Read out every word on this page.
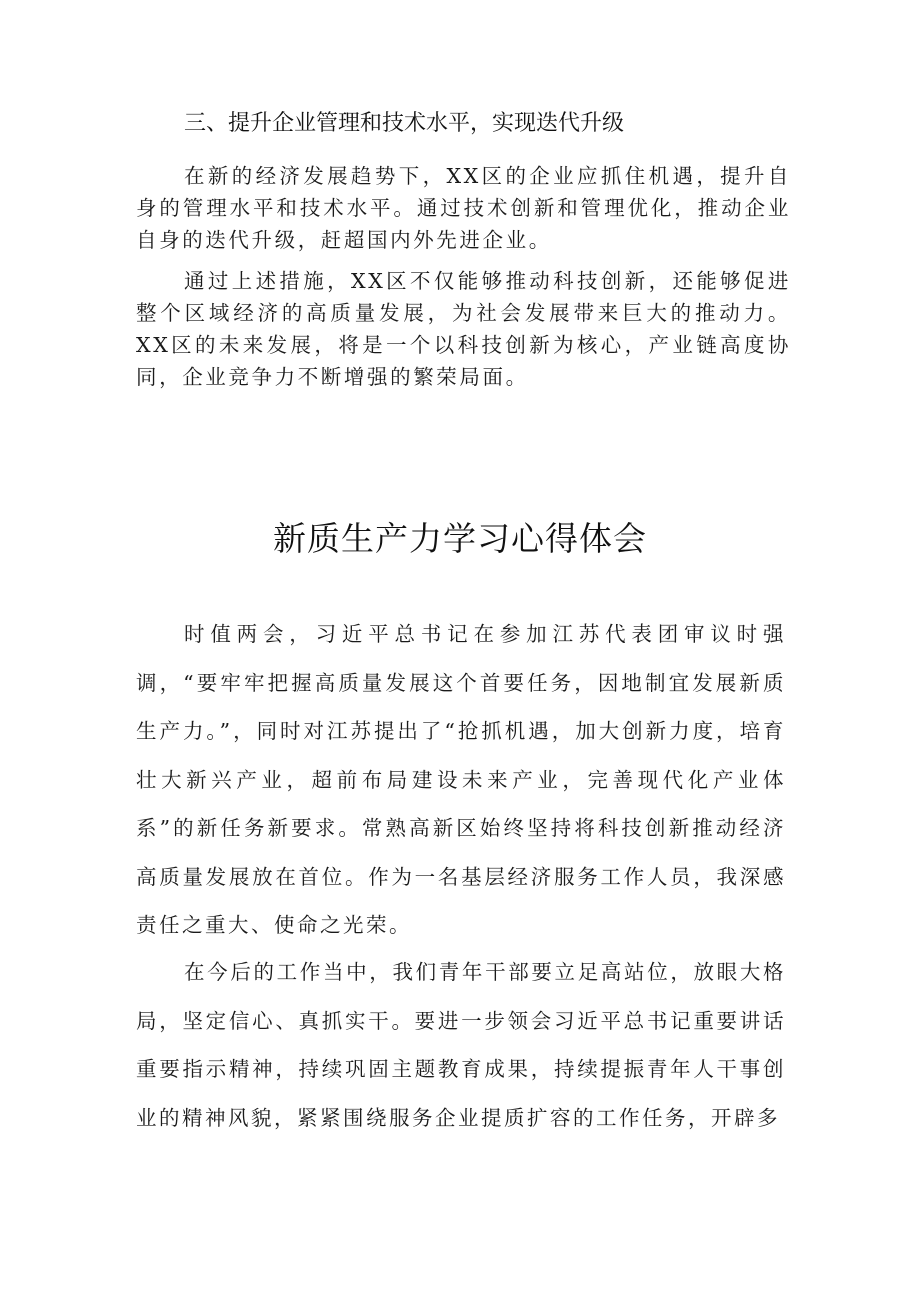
三、提升企业管理和技术水平，实现迭代升级

在新的经济发展趋势下，XX区的企业应抓住机遇，提升自身的管理水平和技术水平。通过技术创新和管理优化，推动企业自身的迭代升级，赶超国内外先进企业。

通过上述措施，XX区不仅能够推动科技创新，还能够促进整个区域经济的高质量发展，为社会发展带来巨大的推动力。XX区的未来发展，将是一个以科技创新为核心，产业链高度协同，企业竞争力不断增强的繁荣局面。

新质生产力学习心得体会

时值两会，习近平总书记在参加江苏代表团审议时强调，“要牢牢把握高质量发展这个首要任务，因地制宜发展新质生产力。”，同时对江苏提出了“抢抓机遇，加大创新力度，培育壮大新兴产业，超前布局建设未来产业，完善现代化产业体系”的新任务新要求。常熟高新区始终坚持将科技创新推动经济高质量发展放在首位。作为一名基层经济服务工作人员，我深感责任之重大、使命之光荣。

在今后的工作当中，我们青年干部要立足高站位，放眼大格局，坚定信心、真抓实干。要进一步领会习近平总书记重要讲话重要指示精神，持续巩固主题教育成果，持续提振青年人干事创业的精神风貌，紧紧围绕服务企业提质扩容的工作任务，开辟多
